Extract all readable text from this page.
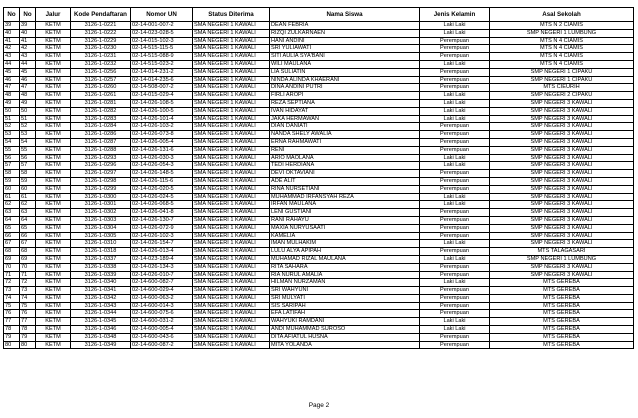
No	No	Jalur	Kode Pendaftaran	Nomor UN	Status Diterima	Nama Siswa	Jenis Kelamin	Asal Sekolah
39	39	KETM	3126-1-0221	02-14-001-007-2	SMA NEGERI 1 KAWALI	DEAN FEBRIA	Laki Laki	MTS N 2 CIAMIS
40	40	KETM	3126-1-0222	02-14-023-028-5	SMA NEGERI 1 KAWALI	RIZQI ZULKARNAEN	Laki Laki	SMP NEGERI 1 LUMBUNG
41	41	KETM	3126-1-0229	02-14-015-102-3	SMA NEGERI 1 KAWALI	HANI ANDINI	Perempuan	MTS N 4 CIAMIS
42	42	KETM	3126-1-0230	02-14-515-115-5	SMA NEGERI 1 KAWALI	SRI YULIAWATI	Perempuan	MTS N 4 CIAMIS
43	43	KETM	3126-1-0231	02-14-515-088-9	SMA NEGERI 1 KAWALI	SITI AULIA SYA'BANI	Perempuan	MTS N 4 CIAMIS
44	44	KETM	3126-1-0232	02-14-515-023-2	SMA NEGERI 1 KAWALI	WILI MAULANA	Laki Laki	MTS N 4 CIAMIS
45	45	KETM	3126-1-0256	02-14-014-231-2	SMA NEGERI 1 KAWALI	LIA SULIATIN	Perempuan	SMP NEGERI 1 CIPAKU
46	46	KETM	3126-1-0257	02-14-014-235-6	SMA NEGERI 1 KAWALI	NINDA ALINDA KHAERANI	Perempuan	SMP NEGERI 1 CIPAKU
47	47	KETM	3126-1-0260	02-14-508-007-2	SMA NEGERI 1 KAWALI	DINA ANDINI PUTRI	Perempuan	MTS CIEURIH
48	48	KETM	3126-1-0261	02-14-015-029-4	SMA NEGERI 1 KAWALI	FIRLI AROPI	Laki Laki	SMP NEGERI 2 CIPAKU
49	49	KETM	3126-1-0281	02-14-026-108-5	SMA NEGERI 1 KAWALI	REZA SEPTIANA	Laki Laki	SMP NEGERI 3 KAWALI
50	50	KETM	3126-1-0282	02-14-026-100-5	SMA NEGERI 1 KAWALI	IVAN HIDAYAT	Laki Laki	SMP NEGERI 3 KAWALI
51	51	KETM	3126-1-0283	02-14-026-101-4	SMA NEGERI 1 KAWALI	JAKA HERMAWAN	Laki Laki	SMP NEGERI 3 KAWALI
52	52	KETM	3126-1-0284	02-14-026-103-2	SMA NEGERI 1 KAWALI	DIAN DANIATI	Perempuan	SMP NEGERI 3 KAWALI
53	53	KETM	3126-1-0286	02-14-026-073-8	SMA NEGERI 1 KAWALI	NANDA SHELY AWALIA	Perempuan	SMP NEGERI 3 KAWALI
54	54	KETM	3126-1-0287	02-14-026-005-4	SMA NEGERI 1 KAWALI	ERNA RAHMAWATI	Perempuan	SMP NEGERI 3 KAWALI
55	55	KETM	3126-1-0288	02-14-026-131-6	SMA NEGERI 1 KAWALI	RENI	Perempuan	SMP NEGERI 3 KAWALI
56	56	KETM	3126-1-0293	02-14-026-030-3	SMA NEGERI 1 KAWALI	ARIO MAOLANA	Laki Laki	SMP NEGERI 3 KAWALI
57	57	KETM	3126-1-0296	02-14-026-054-3	SMA NEGERI 1 KAWALI	TEDI HERDIANA	Laki Laki	SMP NEGERI 3 KAWALI
58	58	KETM	3126-1-0297	02-14-026-148-5	SMA NEGERI 1 KAWALI	DEVI OKTAVIANI	Perempuan	SMP NEGERI 3 KAWALI
59	59	KETM	3126-1-0298	02-14-026-115-6	SMA NEGERI 1 KAWALI	ADE ALIT	Perempuan	SMP NEGERI 3 KAWALI
60	60	KETM	3126-1-0299	02-14-026-020-5	SMA NEGERI 1 KAWALI	RINA NURSETIANI	Perempuan	SMP NEGERI 3 KAWALI
61	61	KETM	3126-1-0300	02-14-026-024-5	SMA NEGERI 1 KAWALI	MUHAMMAD IRFANSYAH REZA	Laki Laki	SMP NEGERI 3 KAWALI
62	62	KETM	3126-1-0301	02-14-026-068-5	SMA NEGERI 1 KAWALI	IRFAN MAULANA	Laki Laki	SMP NEGERI 3 KAWALI
63	63	KETM	3126-1-0302	02-14-026-041-8	SMA NEGERI 1 KAWALI	LENI GUSTIANI	Perempuan	SMP NEGERI 3 KAWALI
64	64	KETM	3126-1-0303	02-14-026-130-7	SMA NEGERI 1 KAWALI	RANI RAHAYU	Perempuan	SMP NEGERI 3 KAWALI
65	65	KETM	3126-1-0304	02-14-026-072-9	SMA NEGERI 1 KAWALI	MAXIA NURYUSAATI	Perempuan	SMP NEGERI 3 KAWALI
66	66	KETM	3126-1-0305	02-14-026-102-3	SMA NEGERI 1 KAWALI	KAMELIA	Perempuan	SMP NEGERI 3 KAWALI
67	67	KETM	3126-1-0310	02-14-026-154-7	SMA NEGERI 1 KAWALI	IMAN MULHAKIM	Laki Laki	SMP NEGERI 3 KAWALI
68	68	KETM	3126-1-0318	02-14-026-013-4	SMA NEGERI 1 KAWALI	LULU ALYA APIPAH	Perempuan	MTS TALAGASARI
69	69	KETM	3126-1-0337	02-14-023-189-4	SMA NEGERI 1 KAWALI	MUHAMAD RIZAL MAULANA	Laki Laki	SMP NEGERI 1 LUMBUNG
70	70	KETM	3126-1-0338	02-14-026-134-3	SMA NEGERI 1 KAWALI	RITA SAHARA	Perempuan	SMP NEGERI 3 KAWALI
71	71	KETM	3126-1-0339	02-14-026-010-7	SMA NEGERI 1 KAWALI	RIA NURUL AMALIA	Perempuan	SMP NEGERI 3 KAWALI
72	72	KETM	3126-1-0340	02-14-600-082-7	SMA NEGERI 1 KAWALI	HILMAN NURZAMAN	Laki Laki	MTS GEREBA
73	73	KETM	3126-1-0341	02-14-600-029-4	SMA NEGERI 1 KAWALI	SRI WAHYUNI	Perempuan	MTS GEREBA
74	74	KETM	3126-1-0342	02-14-600-063-2	SMA NEGERI 1 KAWALI	SRI MULYATI	Perempuan	MTS GEREBA
75	75	KETM	3126-1-0343	02-14-600-014-3	SMA NEGERI 1 KAWALI	SIS SARIPAH	Perempuan	MTS GEREBA
76	76	KETM	3126-1-0344	02-14-600-075-6	SMA NEGERI 1 KAWALI	EFA LATIFAH	Perempuan	MTS GEREBA
77	77	KETM	3126-1-0345	02-14-600-031-2	SMA NEGERI 1 KAWALI	WAHYUKI RAMDANI	Laki Laki	MTS GEREBA
78	78	KETM	3126-1-0346	02-14-600-005-4	SMA NEGERI 1 KAWALI	ANDI MUHAMMAD SUROSO	Laki Laki	MTS GEREBA
79	79	KETM	3126-1-0348	02-14-600-043-6	SMA NEGERI 1 KAWALI	DITA AFIATUL HUSNA	Perempuan	MTS GEREBA
80	80	KETM	3126-1-0349	02-14-600-087-2	SMA NEGERI 1 KAWALI	MITA YOLANDA	Perempuan	MTS GEREBA
Page 2
